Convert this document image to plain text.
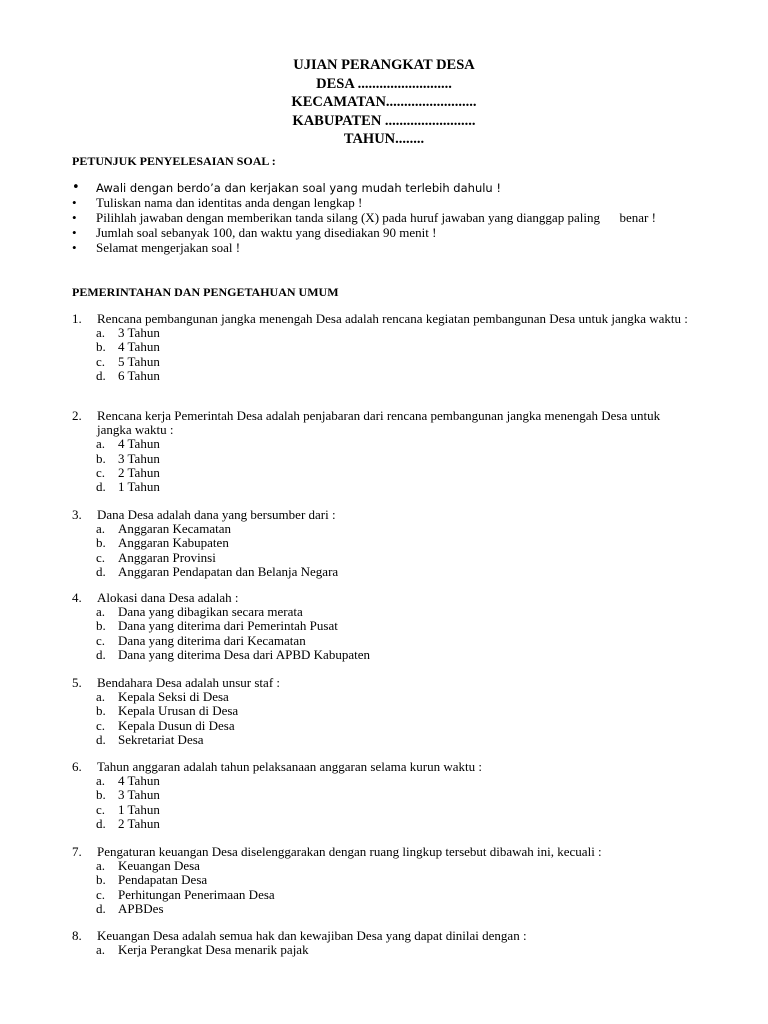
UJIAN PERANGKAT DESA
DESA ..........................
KECAMATAN.........................
KABUPATEN .........................
TAHUN........
PETUNJUK PENYELESAIAN SOAL :
• Awali dengan berdo’a dan kerjakan soal yang mudah terlebih dahulu !
• Tuliskan nama dan identitas anda dengan lengkap !
• Pilihlah jawaban dengan memberikan tanda silang (X) pada huruf jawaban yang dianggap paling      benar !
• Jumlah soal sebanyak 100, dan waktu yang disediakan 90 menit !
• Selamat mengerjakan soal !
PEMERINTAHAN DAN PENGETAHUAN UMUM
1.	Rencana pembangunan jangka menengah Desa adalah rencana kegiatan pembangunan Desa untuk jangka waktu :
a. 3 Tahun
b. 4 Tahun
c. 5 Tahun
d. 6 Tahun
2.	Rencana kerja Pemerintah Desa adalah penjabaran dari rencana pembangunan jangka menengah Desa untuk jangka waktu :
a. 4 Tahun
b. 3 Tahun
c. 2 Tahun
d. 1 Tahun
3.	Dana Desa adalah dana yang bersumber dari :
a. Anggaran Kecamatan
b. Anggaran Kabupaten
c. Anggaran Provinsi
d. Anggaran Pendapatan dan Belanja Negara
4.	Alokasi dana Desa adalah :
a. Dana yang dibagikan secara merata
b. Dana yang diterima dari Pemerintah Pusat
c. Dana yang diterima dari Kecamatan
d. Dana yang diterima Desa dari APBD Kabupaten
5.	Bendahara Desa adalah unsur staf :
a. Kepala Seksi di Desa
b. Kepala Urusan di Desa
c. Kepala Dusun di Desa
d. Sekretariat Desa
6.	Tahun anggaran adalah tahun pelaksanaan anggaran selama kurun waktu :
a. 4 Tahun
b. 3 Tahun
c. 1 Tahun
d. 2 Tahun
7.	Pengaturan keuangan Desa diselenggarakan dengan ruang lingkup tersebut dibawah ini, kecuali :
a. Keuangan Desa
b. Pendapatan Desa
c. Perhitungan Penerimaan Desa
d. APBDes
8.	Keuangan Desa adalah semua hak dan kewajiban Desa yang dapat dinilai dengan :
a. Kerja Perangkat Desa menarik pajak
